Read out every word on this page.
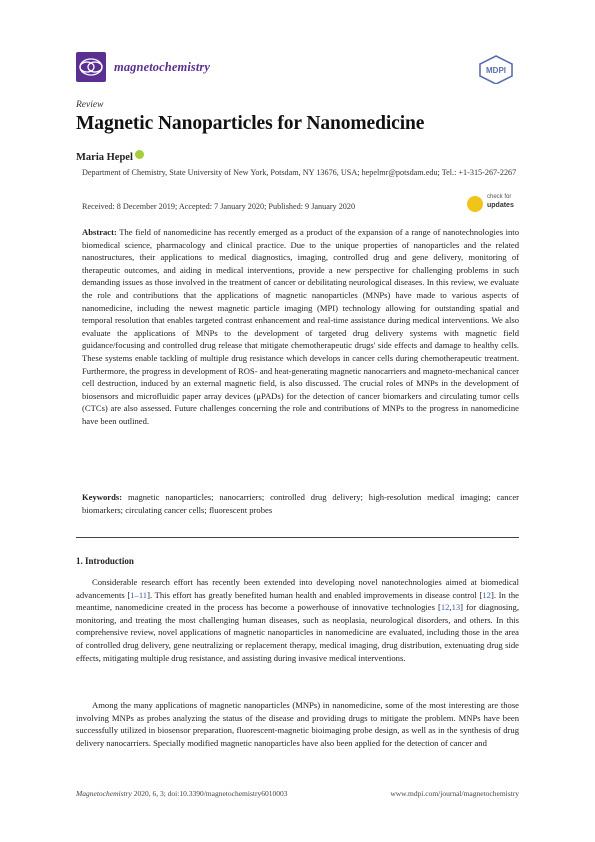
magnetochemistry	MDPI
Review
Magnetic Nanoparticles for Nanomedicine
Maria Hepel
Department of Chemistry, State University of New York, Potsdam, NY 13676, USA; hepelmr@potsdam.edu; Tel.: +1-315-267-2267
Received: 8 December 2019; Accepted: 7 January 2020; Published: 9 January 2020
check for
updates
Abstract: The field of nanomedicine has recently emerged as a product of the expansion of a range of nanotechnologies into biomedical science, pharmacology and clinical practice. Due to the unique properties of nanoparticles and the related nanostructures, their applications to medical diagnostics, imaging, controlled drug and gene delivery, monitoring of therapeutic outcomes, and aiding in medical interventions, provide a new perspective for challenging problems in such demanding issues as those involved in the treatment of cancer or debilitating neurological diseases. In this review, we evaluate the role and contributions that the applications of magnetic nanoparticles (MNPs) have made to various aspects of nanomedicine, including the newest magnetic particle imaging (MPI) technology allowing for outstanding spatial and temporal resolution that enables targeted contrast enhancement and real-time assistance during medical interventions. We also evaluate the applications of MNPs to the development of targeted drug delivery systems with magnetic field guidance/focusing and controlled drug release that mitigate chemotherapeutic drugs' side effects and damage to healthy cells. These systems enable tackling of multiple drug resistance which develops in cancer cells during chemotherapeutic treatment. Furthermore, the progress in development of ROS- and heat-generating magnetic nanocarriers and magneto-mechanical cancer cell destruction, induced by an external magnetic field, is also discussed. The crucial roles of MNPs in the development of biosensors and microfluidic paper array devices (μPADs) for the detection of cancer biomarkers and circulating tumor cells (CTCs) are also assessed. Future challenges concerning the role and contributions of MNPs to the progress in nanomedicine have been outlined.
Keywords: magnetic nanoparticles; nanocarriers; controlled drug delivery; high-resolution medical imaging; cancer biomarkers; circulating cancer cells; fluorescent probes
1. Introduction
Considerable research effort has recently been extended into developing novel nanotechnologies aimed at biomedical advancements [1–11]. This effort has greatly benefited human health and enabled improvements in disease control [12]. In the meantime, nanomedicine created in the process has become a powerhouse of innovative technologies [12,13] for diagnosing, monitoring, and treating the most challenging human diseases, such as neoplasia, neurological disorders, and others. In this comprehensive review, novel applications of magnetic nanoparticles in nanomedicine are evaluated, including those in the area of controlled drug delivery, gene neutralizing or replacement therapy, medical imaging, drug distribution, extenuating drug side effects, mitigating multiple drug resistance, and assisting during invasive medical interventions.
Among the many applications of magnetic nanoparticles (MNPs) in nanomedicine, some of the most interesting are those involving MNPs as probes analyzing the status of the disease and providing drugs to mitigate the problem. MNPs have been successfully utilized in biosensor preparation, fluorescent-magnetic bioimaging probe design, as well as in the synthesis of drug delivery nanocarriers. Specially modified magnetic nanoparticles have also been applied for the detection of cancer and
Magnetochemistry 2020, 6, 3; doi:10.3390/magnetochemistry6010003	www.mdpi.com/journal/magnetochemistry
